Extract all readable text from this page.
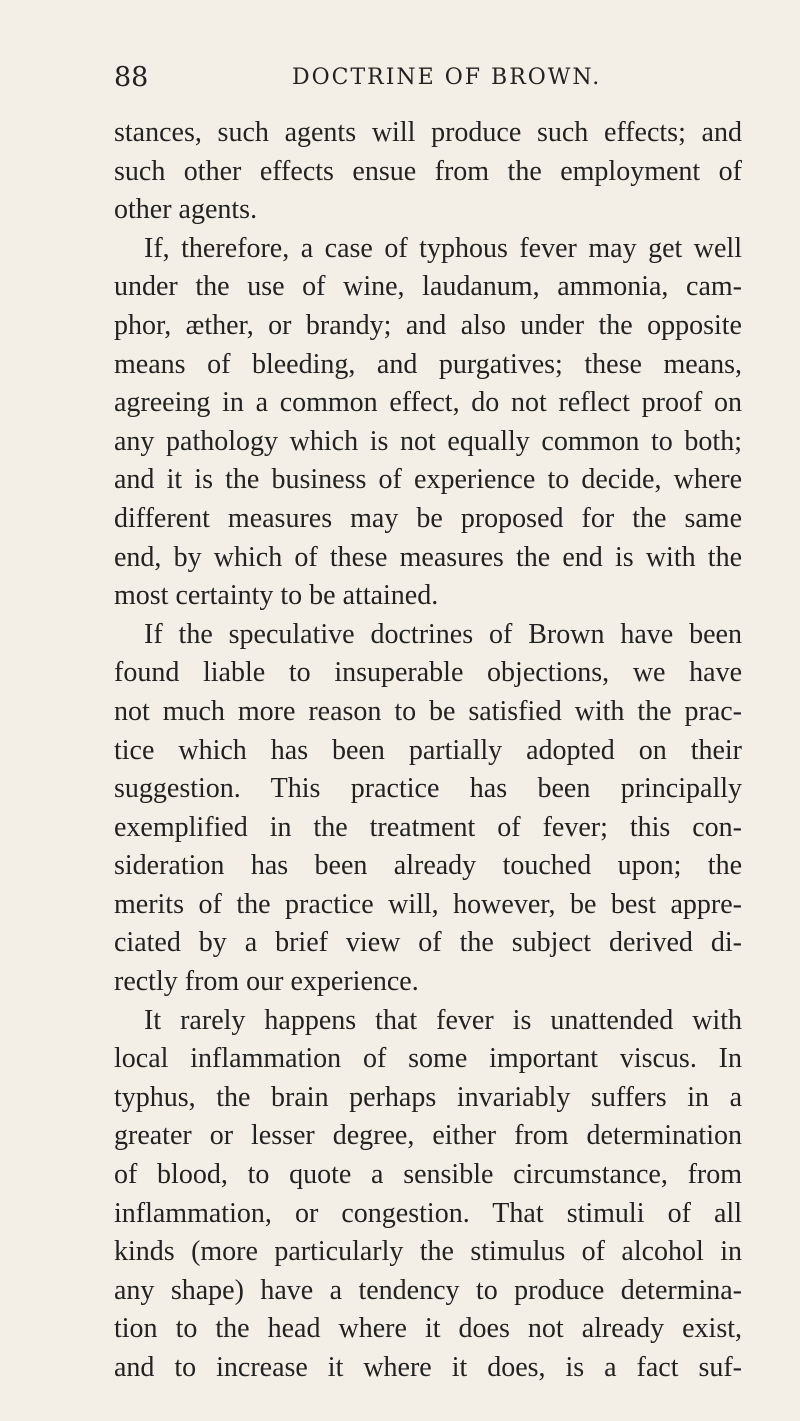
88	DOCTRINE OF BROWN.
stances, such agents will produce such effects; and
such other effects ensue from the employment of
other agents.
If, therefore, a case of typhous fever may get well
under the use of wine, laudanum, ammonia, cam-
phor, æther, or brandy; and also under the opposite
means of bleeding, and purgatives; these means,
agreeing in a common effect, do not reflect proof on
any pathology which is not equally common to both;
and it is the business of experience to decide, where
different measures may be proposed for the same
end, by which of these measures the end is with the
most certainty to be attained.
If the speculative doctrines of Brown have been
found liable to insuperable objections, we have
not much more reason to be satisfied with the prac-
tice which has been partially adopted on their
suggestion. This practice has been principally
exemplified in the treatment of fever; this con-
sideration has been already touched upon; the
merits of the practice will, however, be best appre-
ciated by a brief view of the subject derived di-
rectly from our experience.
It rarely happens that fever is unattended with
local inflammation of some important viscus. In
typhus, the brain perhaps invariably suffers in a
greater or lesser degree, either from determination
of blood, to quote a sensible circumstance, from
inflammation, or congestion. That stimuli of all
kinds (more particularly the stimulus of alcohol in
any shape) have a tendency to produce determina-
tion to the head where it does not already exist,
and to increase it where it does, is a fact suf-
